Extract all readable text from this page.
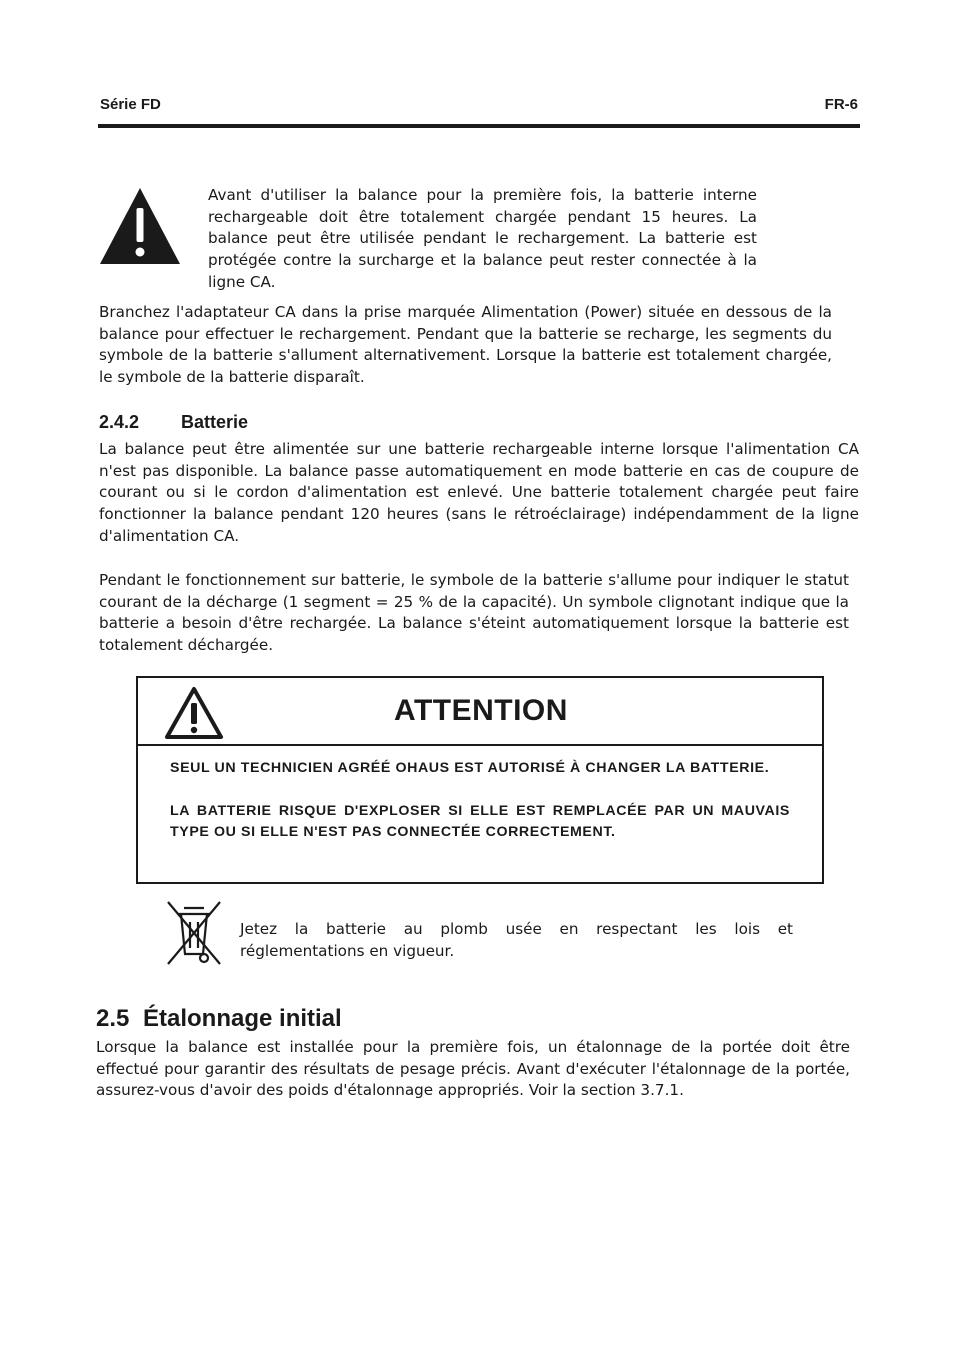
Série FD	FR-6
Avant d'utiliser la balance pour la première fois, la batterie interne rechargeable doit être totalement chargée pendant 15 heures. La balance peut être utilisée pendant le rechargement. La batterie est protégée contre la surcharge et la balance peut rester connectée à la ligne CA.
Branchez l'adaptateur CA dans la prise marquée Alimentation (Power) située en dessous de la balance pour effectuer le rechargement. Pendant que la batterie se recharge, les segments du symbole de la batterie s'allument alternativement. Lorsque la batterie est totalement chargée, le symbole de la batterie disparaît.
2.4.2 Batterie
La balance peut être alimentée sur une batterie rechargeable interne lorsque l'alimentation CA n'est pas disponible. La balance passe automatiquement en mode batterie en cas de coupure de courant ou si le cordon d'alimentation est enlevé. Une batterie totalement chargée peut faire fonctionner la balance pendant 120 heures (sans le rétroéclairage) indépendamment de la ligne d'alimentation CA.
Pendant le fonctionnement sur batterie, le symbole de la batterie s'allume pour indiquer le statut courant de la décharge (1 segment = 25 % de la capacité). Un symbole clignotant indique que la batterie a besoin d'être rechargée. La balance s'éteint automatiquement lorsque la batterie est totalement déchargée.
ATTENTION
SEUL UN TECHNICIEN AGRÉÉ OHAUS EST AUTORISÉ À CHANGER LA BATTERIE.
LA BATTERIE RISQUE D'EXPLOSER SI ELLE EST REMPLACÉE PAR UN MAUVAIS TYPE OU SI ELLE N'EST PAS CONNECTÉE CORRECTEMENT.
Jetez la batterie au plomb usée en respectant les lois et réglementations en vigueur.
2.5 Étalonnage initial
Lorsque la balance est installée pour la première fois, un étalonnage de la portée doit être effectué pour garantir des résultats de pesage précis. Avant d'exécuter l'étalonnage de la portée, assurez-vous d'avoir des poids d'étalonnage appropriés. Voir la section 3.7.1.
